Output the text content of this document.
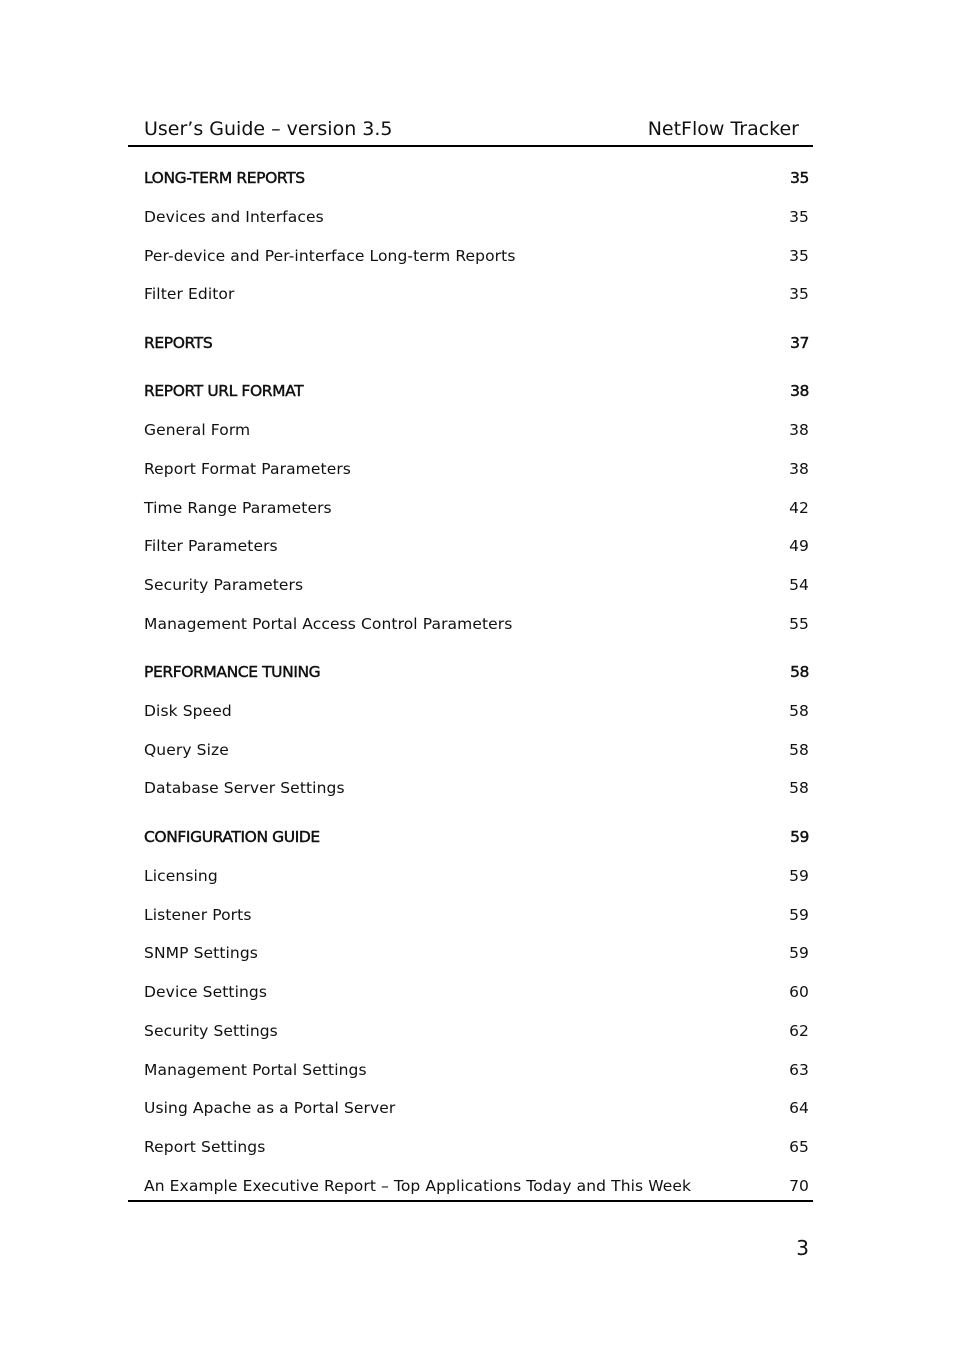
User’s Guide – version 3.5	NetFlow Tracker
LONG-TERM REPORTS	35
Devices and Interfaces	35
Per-device and Per-interface Long-term Reports	35
Filter Editor	35
REPORTS	37
REPORT URL FORMAT	38
General Form	38
Report Format Parameters	38
Time Range Parameters	42
Filter Parameters	49
Security Parameters	54
Management Portal Access Control Parameters	55
PERFORMANCE TUNING	58
Disk Speed	58
Query Size	58
Database Server Settings	58
CONFIGURATION GUIDE	59
Licensing	59
Listener Ports	59
SNMP Settings	59
Device Settings	60
Security Settings	62
Management Portal Settings	63
Using Apache as a Portal Server	64
Report Settings	65
An Example Executive Report – Top Applications Today and This Week	70
3
